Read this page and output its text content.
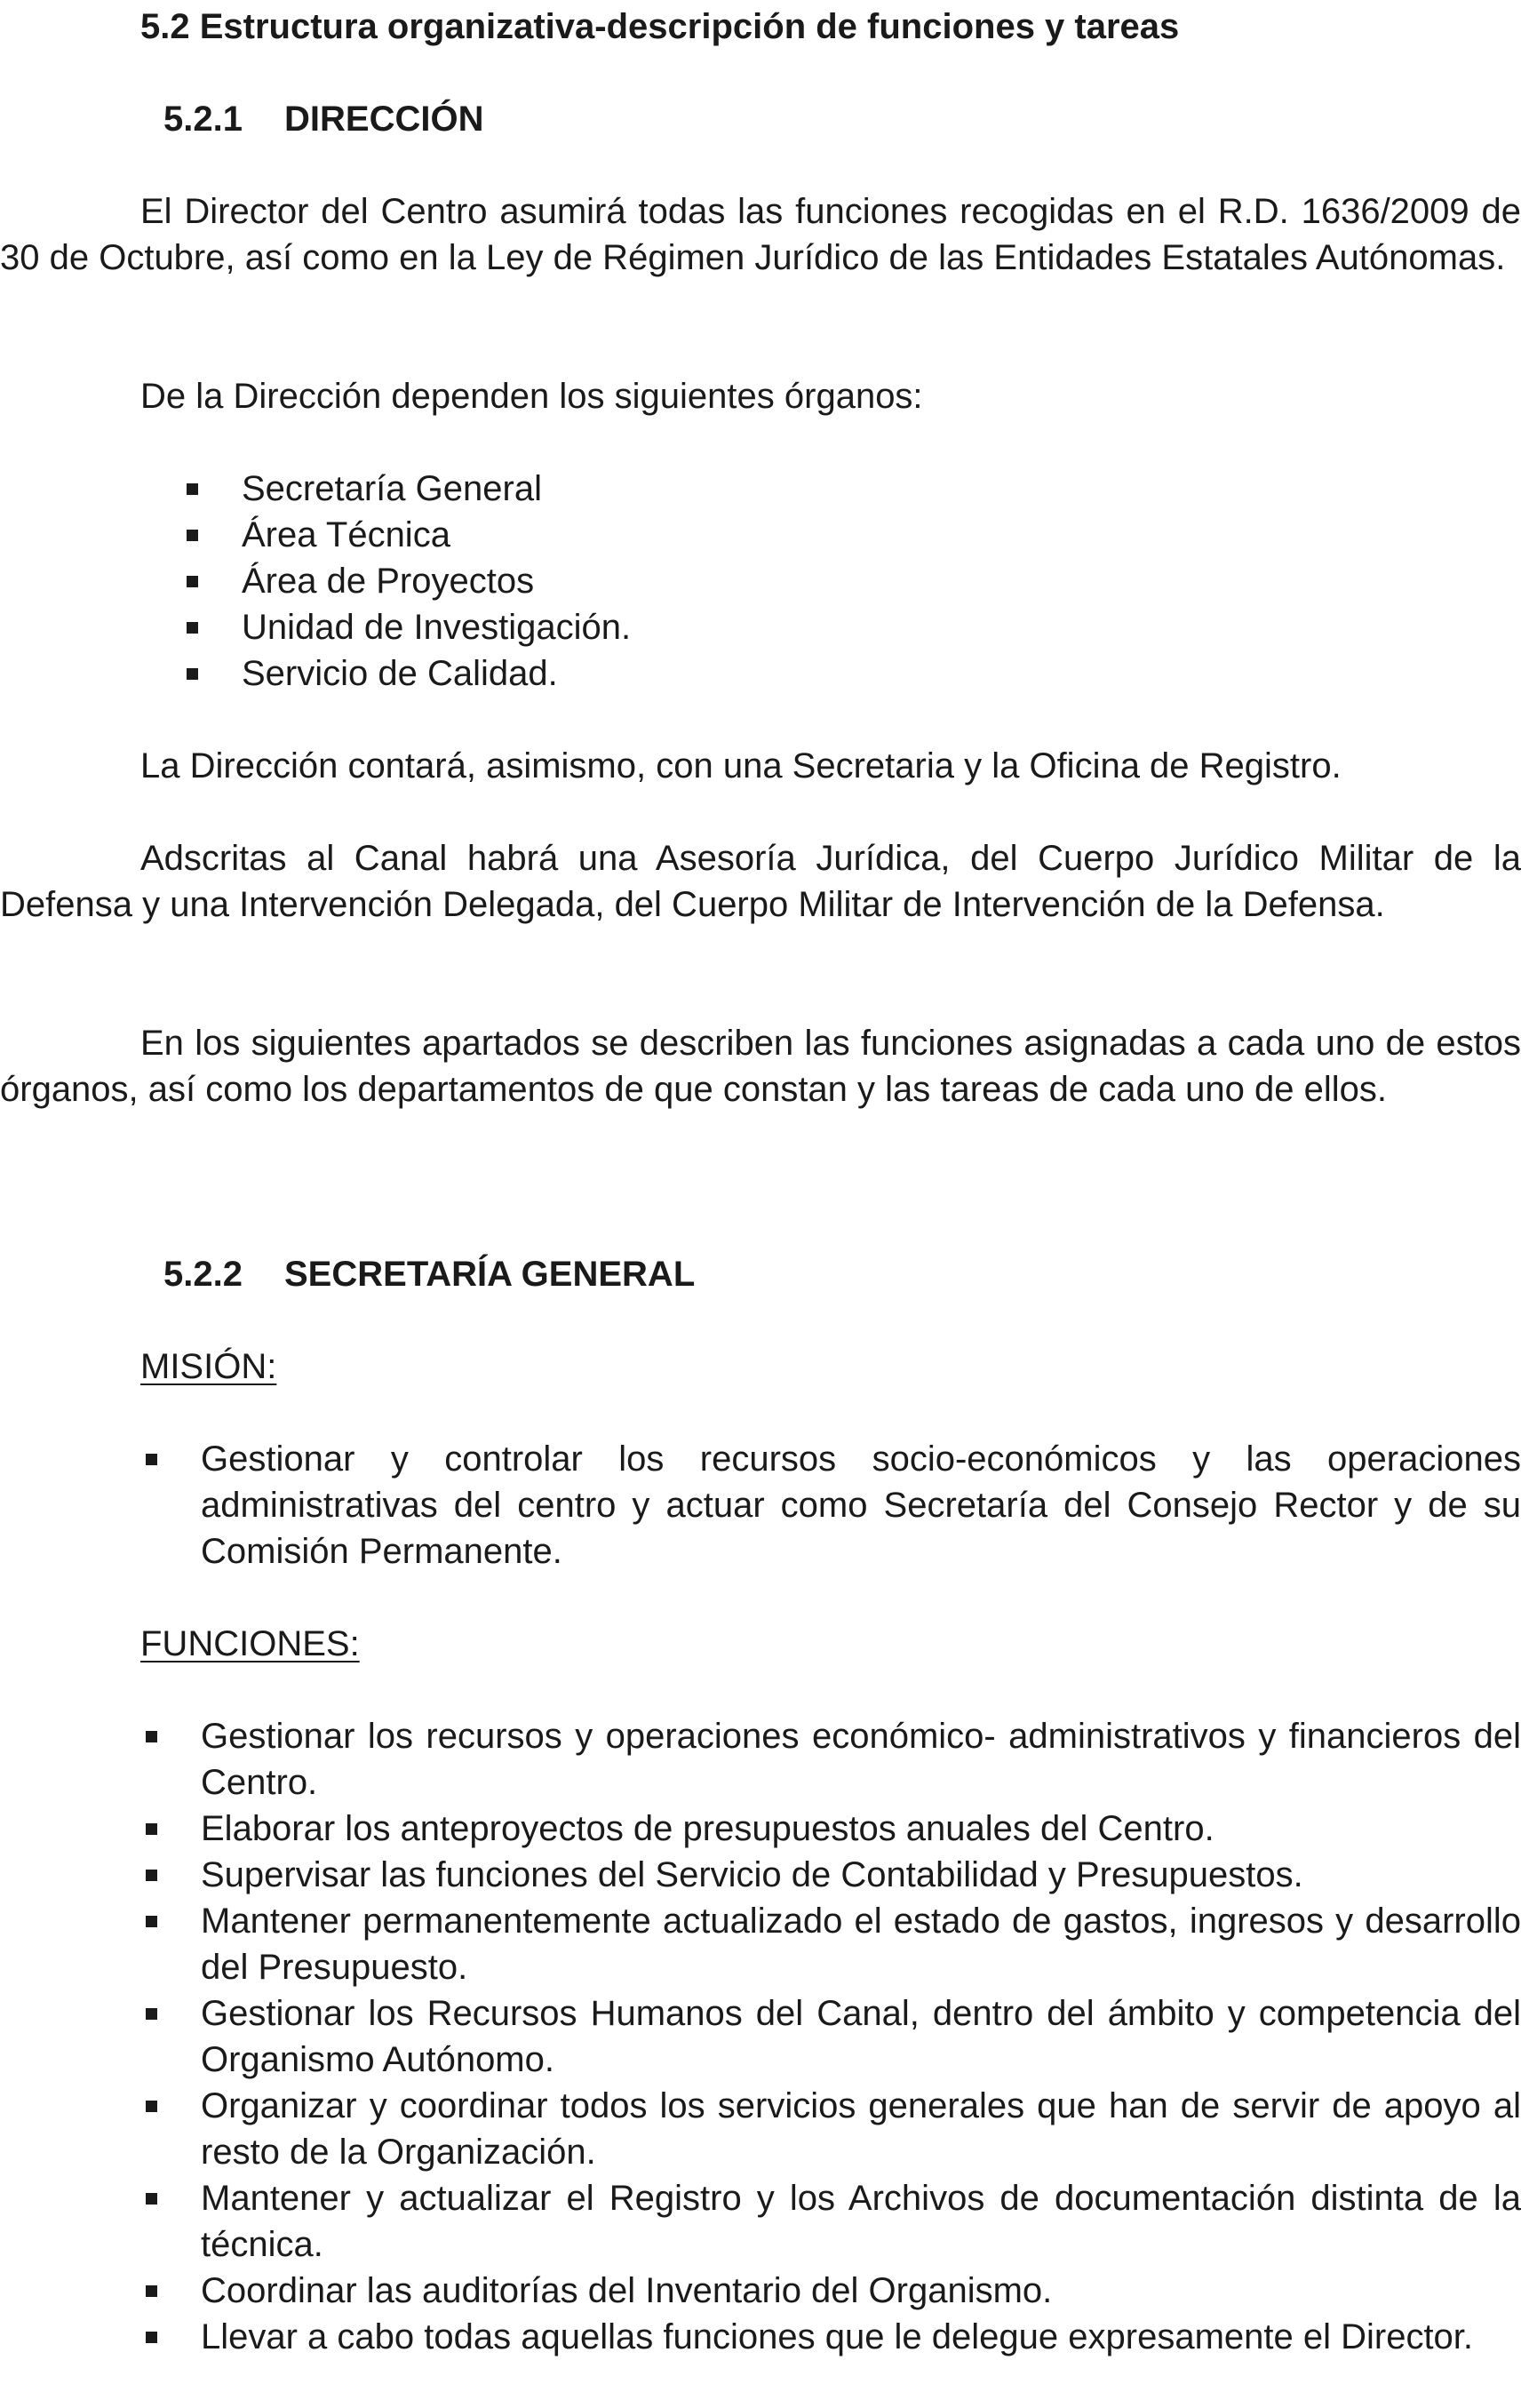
5.2 Estructura organizativa-descripción de funciones y tareas
5.2.1 DIRECCIÓN

El Director del Centro asumirá todas las funciones recogidas en el R.D. 1636/2009 de 30 de Octubre, así como en la Ley de Régimen Jurídico de las Entidades Estatales Autónomas.

De la Dirección dependen los siguientes órganos:

Secretaría General
Área Técnica
Área de Proyectos
Unidad de Investigación.
Servicio de Calidad.

La Dirección contará, asimismo, con una Secretaria y la Oficina de Registro.

Adscritas al Canal habrá una Asesoría Jurídica, del Cuerpo Jurídico Militar de la Defensa y una Intervención Delegada, del Cuerpo Militar de Intervención de la Defensa.

En los siguientes apartados se describen las funciones asignadas a cada uno de estos órganos, así como los departamentos de que constan y las tareas de cada uno de ellos.

5.2.2 SECRETARÍA GENERAL

MISIÓN:

Gestionar y controlar los recursos socio-económicos y las operaciones administrativas del centro y actuar como Secretaría del Consejo Rector y de su Comisión Permanente.

FUNCIONES:

Gestionar los recursos y operaciones económico- administrativos y financieros del Centro.
Elaborar los anteproyectos de presupuestos anuales del Centro.
Supervisar las funciones del Servicio de Contabilidad y Presupuestos.
Mantener permanentemente actualizado el estado de gastos, ingresos y desarrollo del Presupuesto.
Gestionar los Recursos Humanos del Canal, dentro del ámbito y competencia del Organismo Autónomo.
Organizar y coordinar todos los servicios generales que han de servir de apoyo al resto de la Organización.
Mantener y actualizar el Registro y los Archivos de documentación distinta de la técnica.
Coordinar las auditorías del Inventario del Organismo.
Llevar a cabo todas aquellas funciones que le delegue expresamente el Director.
